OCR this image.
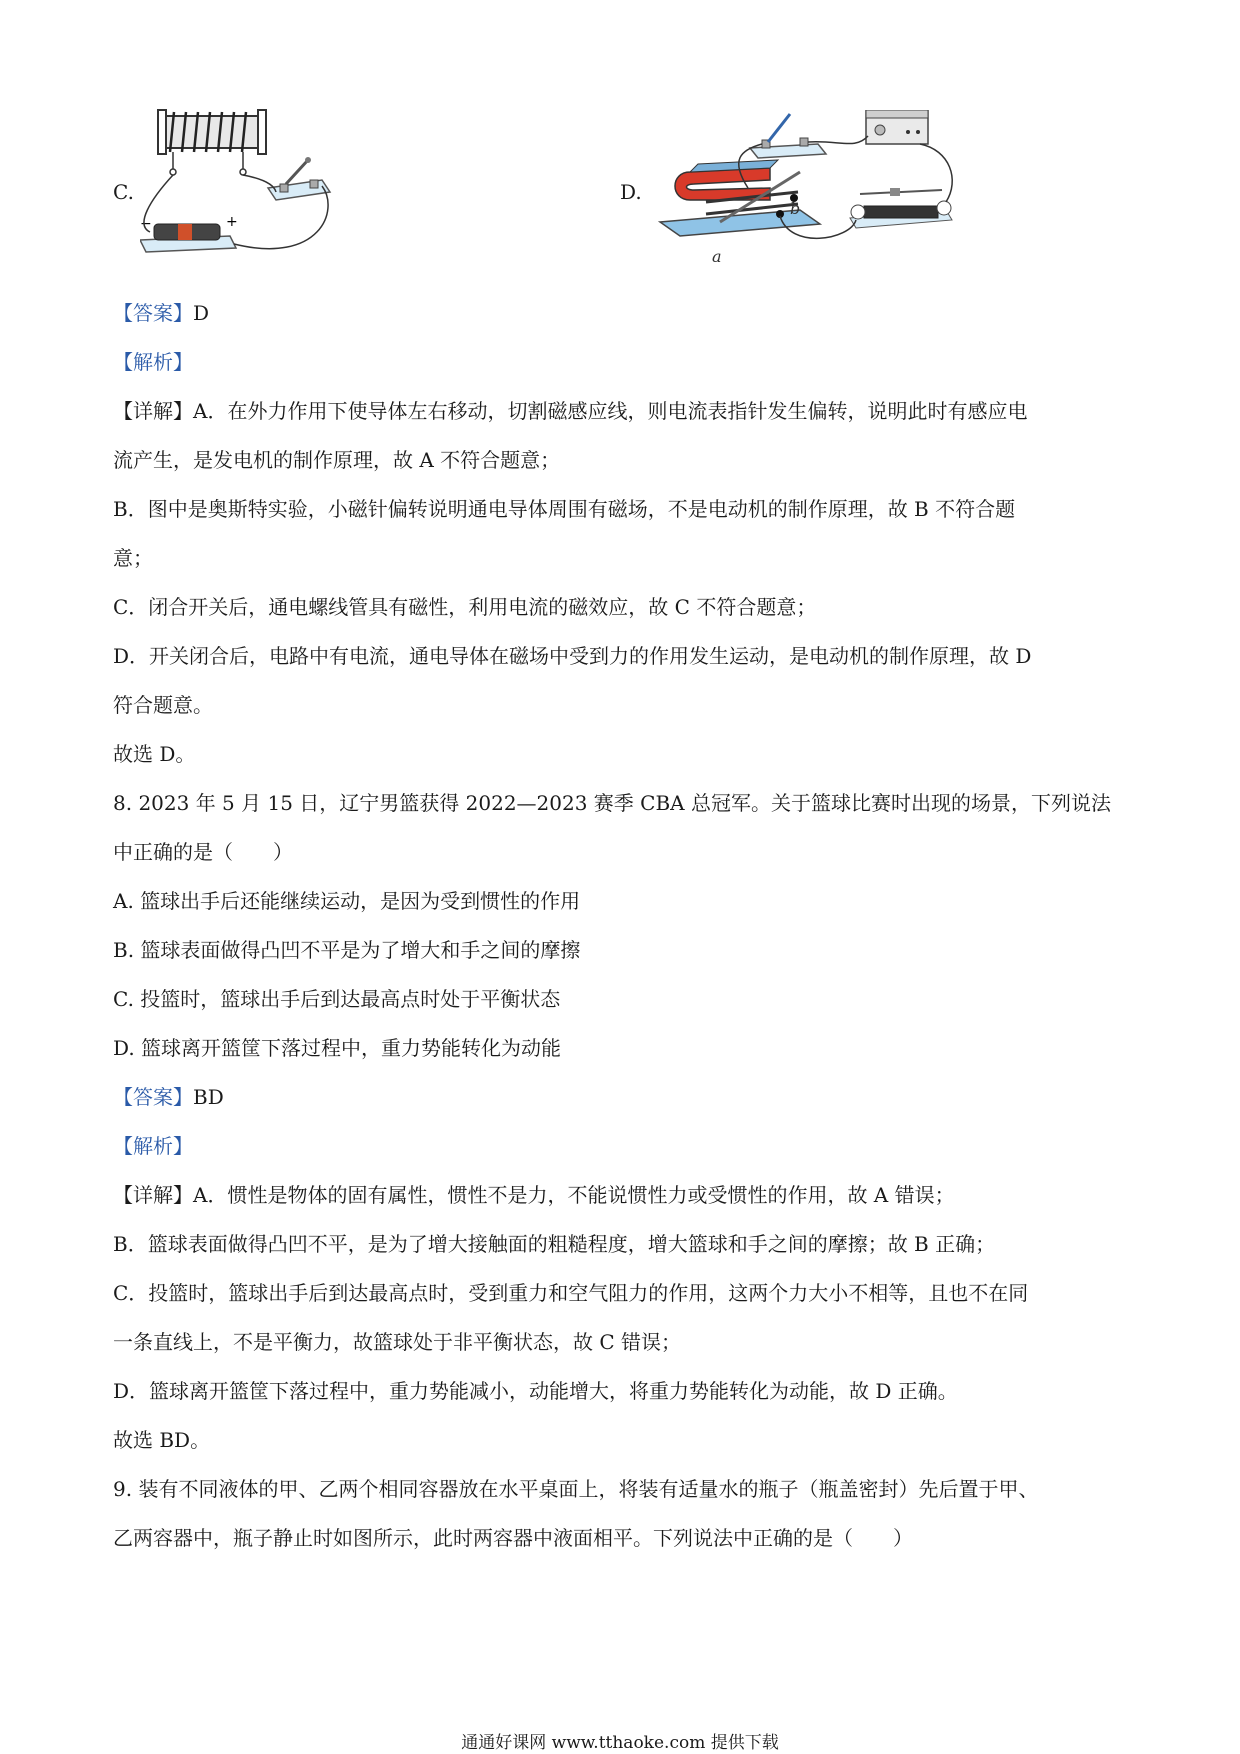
C.
−	+
D.
b
a
【答案】D
【解析】
【详解】A．在外力作用下使导体左右移动，切割磁感应线，则电流表指针发生偏转，说明此时有感应电
流产生，是发电机的制作原理，故 A 不符合题意；
B．图中是奥斯特实验，小磁针偏转说明通电导体周围有磁场，不是电动机的制作原理，故 B 不符合题
意；
C．闭合开关后，通电螺线管具有磁性，利用电流的磁效应，故 C 不符合题意；
D．开关闭合后，电路中有电流，通电导体在磁场中受到力的作用发生运动，是电动机的制作原理，故 D
符合题意。
故选 D。
8. 2023 年 5 月 15 日，辽宁男篮获得 2022—2023 赛季 CBA 总冠军。关于篮球比赛时出现的场景，下列说法
中正确的是（　　）
A. 篮球出手后还能继续运动，是因为受到惯性的作用
B. 篮球表面做得凸凹不平是为了增大和手之间的摩擦
C. 投篮时，篮球出手后到达最高点时处于平衡状态
D. 篮球离开篮筐下落过程中，重力势能转化为动能
【答案】BD
【解析】
【详解】A．惯性是物体的固有属性，惯性不是力，不能说惯性力或受惯性的作用，故 A 错误；
B．篮球表面做得凸凹不平，是为了增大接触面的粗糙程度，增大篮球和手之间的摩擦；故 B 正确；
C．投篮时，篮球出手后到达最高点时，受到重力和空气阻力的作用，这两个力大小不相等，且也不在同
一条直线上，不是平衡力，故篮球处于非平衡状态，故 C 错误；
D．篮球离开篮筐下落过程中，重力势能减小，动能增大，将重力势能转化为动能，故 D 正确。
故选 BD。
9. 装有不同液体的甲、乙两个相同容器放在水平桌面上，将装有适量水的瓶子（瓶盖密封）先后置于甲、
乙两容器中，瓶子静止时如图所示，此时两容器中液面相平。下列说法中正确的是（　　）
通通好课网 www.tthaoke.com 提供下载
